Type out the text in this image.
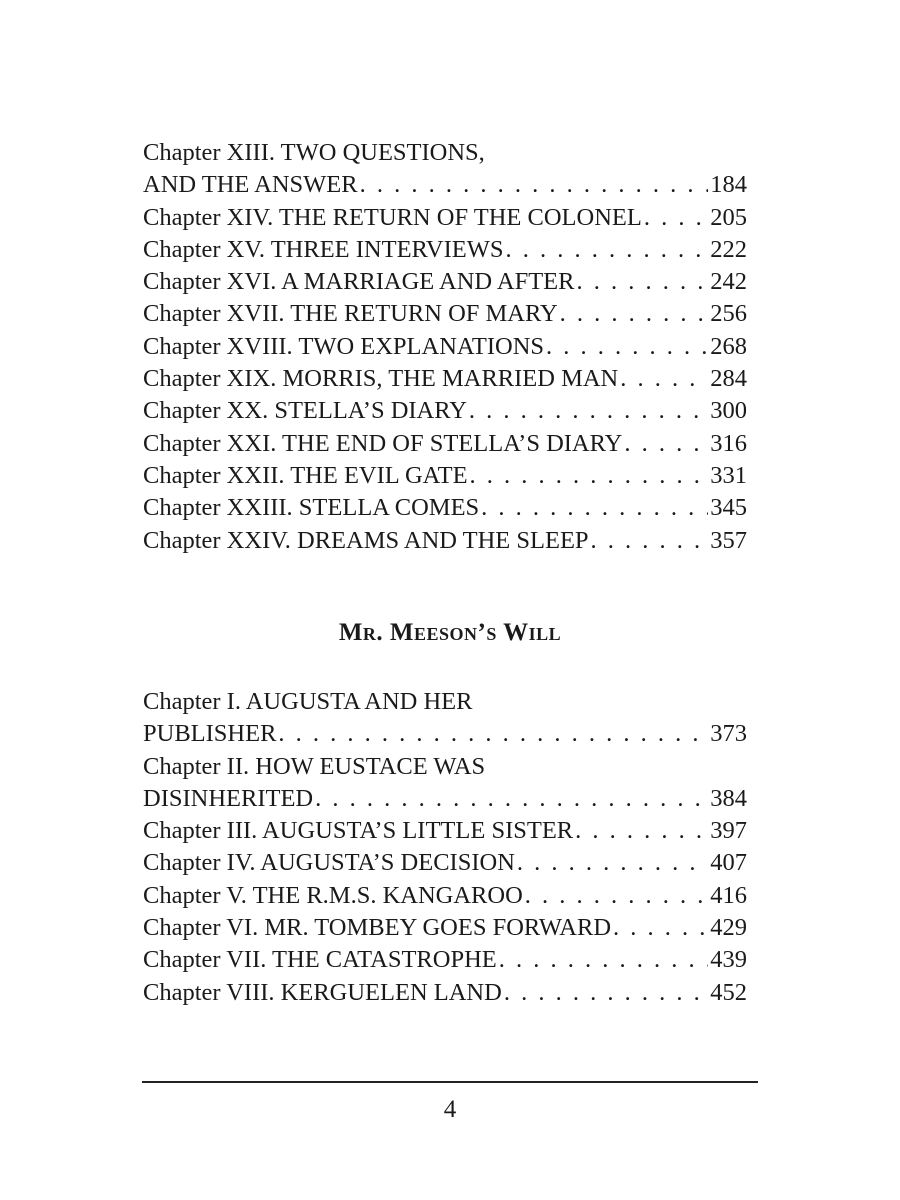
Chapter XIII. TWO QUESTIONS,
AND THE ANSWER . . .	184
Chapter XIV. THE RETURN OF THE COLONEL . . .	205
Chapter XV. THREE INTERVIEWS . . .	222
Chapter XVI. A MARRIAGE AND AFTER . . .	242
Chapter XVII. THE RETURN OF MARY . . .	256
Chapter XVIII. TWO EXPLANATIONS . . .	268
Chapter XIX. MORRIS, THE MARRIED MAN . . .	284
Chapter XX. STELLA’S DIARY . . .	300
Chapter XXI. THE END OF STELLA’S DIARY . . .	316
Chapter XXII. THE EVIL GATE . . .	331
Chapter XXIII. STELLA COMES . . .	345
Chapter XXIV. DREAMS AND THE SLEEP . . .	357
Mr. Meeson’s Will
Chapter I. AUGUSTA AND HER
PUBLISHER . . .	373
Chapter II. HOW EUSTACE WAS
DISINHERITED . . .	384
Chapter III. AUGUSTA’S LITTLE SISTER . . .	397
Chapter IV. AUGUSTA’S DECISION . . .	407
Chapter V. THE R.M.S. KANGAROO . . .	416
Chapter VI. MR. TOMBEY GOES FORWARD . . .	429
Chapter VII. THE CATASTROPHE . . .	439
Chapter VIII. KERGUELEN LAND . . .	452
4
